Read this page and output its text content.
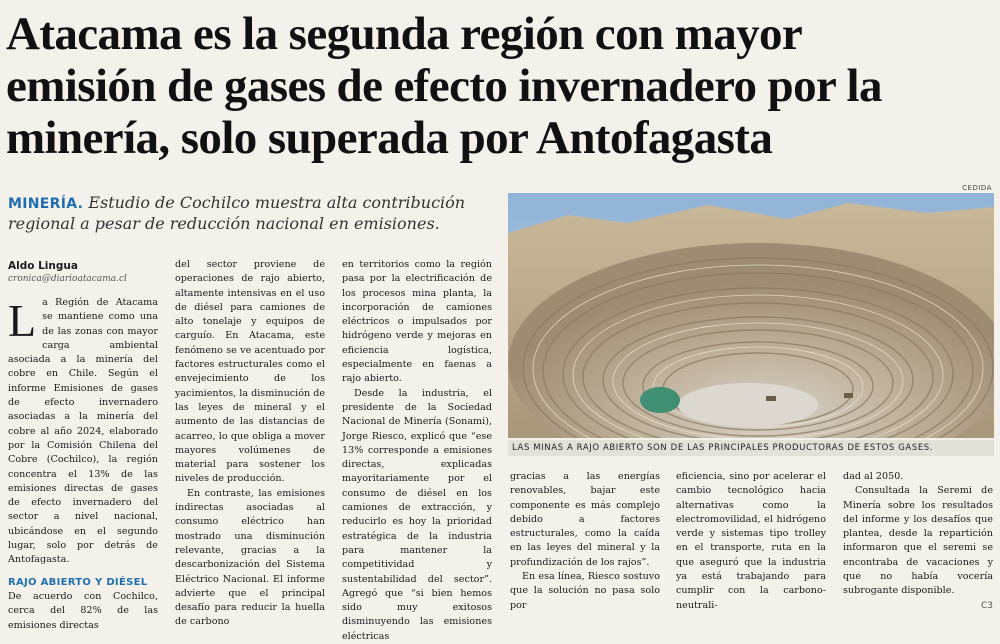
Atacama es la segunda región con mayor
emisión de gases de efecto invernadero por la
minería, solo superada por Antofagasta
MINERÍA. Estudio de Cochilco muestra alta contribución regional a pesar de reducción nacional en emisiones.
CEDIDA
LAS MINAS A RAJO ABIERTO SON DE LAS PRINCIPALES PRODUCTORAS DE ESTOS GASES.
Aldo Lingua
cronica@diarioatacama.cl

La Región de Atacama se mantiene como una de las zonas con mayor carga ambiental asociada a la minería del cobre en Chile. Según el informe Emisiones de gases de efecto invernadero asociadas a la minería del cobre al año 2024, elaborado por la Comisión Chilena del Cobre (Cochilco), la región concentra el 13% de las emisiones directas de gases de efecto invernadero del sector a nivel nacional, ubicándose en el segundo lugar, solo por detrás de Antofagasta.

RAJO ABIERTO Y DIÉSEL

De acuerdo con Cochilco, cerca del 82% de las emisiones directas

del sector proviene de operaciones de rajo abierto, altamente intensivas en el uso de diésel para camiones de alto tonelaje y equipos de carguío. En Atacama, este fenómeno se ve acentuado por factores estructurales como el envejecimiento de los yacimientos, la disminución de las leyes de mineral y el aumento de las distancias de acarreo, lo que obliga a mover mayores volúmenes de material para sostener los niveles de producción.

En contraste, las emisiones indirectas asociadas al consumo eléctrico han mostrado una disminución relevante, gracias a la descarbonización del Sistema Eléctrico Nacional. El informe advierte que el principal desafío para reducir la huella de carbono

en territorios como la región pasa por la electrificación de los procesos mina planta, la incorporación de camiones eléctricos o impulsados por hidrógeno verde y mejoras en eficiencia logística, especialmente en faenas a rajo abierto.

Desde la industria, el presidente de la Sociedad Nacional de Minería (Sonami), Jorge Riesco, explicó que “ese 13% corresponde a emisiones directas, explicadas mayoritariamente por el consumo de diésel en los camiones de extracción, y reducirlo es hoy la prioridad estratégica de la industria para mantener la competitividad y sustentabilidad del sector”. Agregó que “si bien hemos sido muy exitosos disminuyendo las emisiones eléctricas

gracias a las energías renovables, bajar este componente es más complejo debido a factores estructurales, como la caída en las leyes del mineral y la profundización de los rajos”.

En esa línea, Riesco sostuvo que la solución no pasa solo por

eficiencia, sino por acelerar el cambio tecnológico hacia alternativas como la electromovilidad, el hidrógeno verde y sistemas tipo trolley en el transporte, ruta en la que aseguró que la industria ya está trabajando para cumplir con la carbono-neutrali-

dad al 2050.

Consultada la Seremi de Minería sobre los resultados del informe y los desafíos que plantea, desde la repartición informaron que el seremi se encontraba de vacaciones y que no había vocería subrogante disponible.

C3
